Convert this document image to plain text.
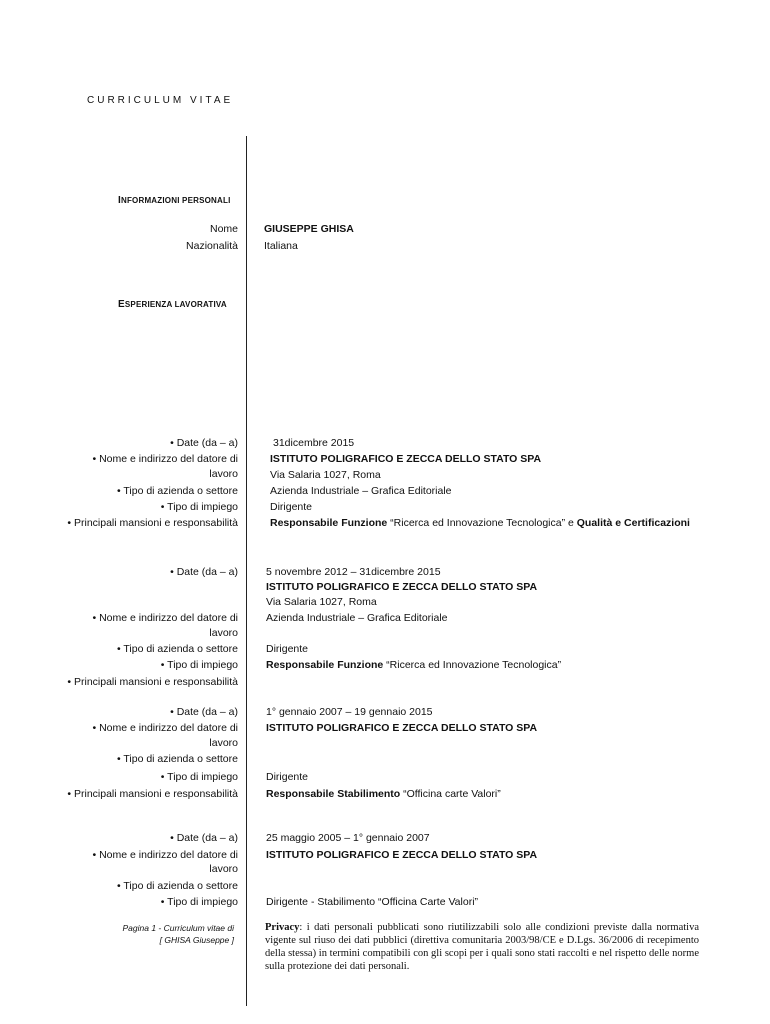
CURRICULUM VITAE
INFORMAZIONI PERSONALI
Nome GIUSEPPE GHISA
Nazionalità Italiana
ESPERIENZA LAVORATIVA
• Date (da – a)
• Nome e indirizzo del datore di
lavoro
• Tipo di azienda o settore
• Tipo di impiego
• Principali mansioni e responsabilità
31dicembre 2015
ISTITUTO POLIGRAFICO E ZECCA DELLO STATO SPA
Via Salaria 1027, Roma
Azienda Industriale – Grafica Editoriale
Dirigente
Responsabile Funzione “Ricerca ed Innovazione Tecnologica” e Qualità e Certificazioni
• Date (da – a)
• Nome e indirizzo del datore di
lavoro
• Tipo di azienda o settore
• Tipo di impiego
• Principali mansioni e responsabilità
5 novembre 2012 – 31dicembre 2015
ISTITUTO POLIGRAFICO E ZECCA DELLO STATO SPA
Via Salaria 1027, Roma
Azienda Industriale – Grafica Editoriale
Dirigente
Responsabile Funzione “Ricerca ed Innovazione Tecnologica”
• Date (da – a)
• Nome e indirizzo del datore di
lavoro
• Tipo di azienda o settore
• Tipo di impiego
• Principali mansioni e responsabilità
1° gennaio 2007 – 19 gennaio 2015
ISTITUTO POLIGRAFICO E ZECCA DELLO STATO SPA
Dirigente
Responsabile Stabilimento “Officina carte Valori”
• Date (da – a)
• Nome e indirizzo del datore di
lavoro
• Tipo di azienda o settore
• Tipo di impiego
25 maggio 2005 – 1° gennaio 2007
ISTITUTO POLIGRAFICO E ZECCA DELLO STATO SPA
Dirigente - Stabilimento “Officina Carte Valori”
Pagina 1 - Curriculum vitae di
[ GHISA Giuseppe ]
Privacy: i dati personali pubblicati sono riutilizzabili solo alle condizioni previste dalla normativa vigente sul riuso dei dati pubblici (direttiva comunitaria 2003/98/CE e D.Lgs. 36/2006 di recepimento della stessa) in termini compatibili con gli scopi per i quali sono stati raccolti e nel rispetto delle norme sulla protezione dei dati personali.
